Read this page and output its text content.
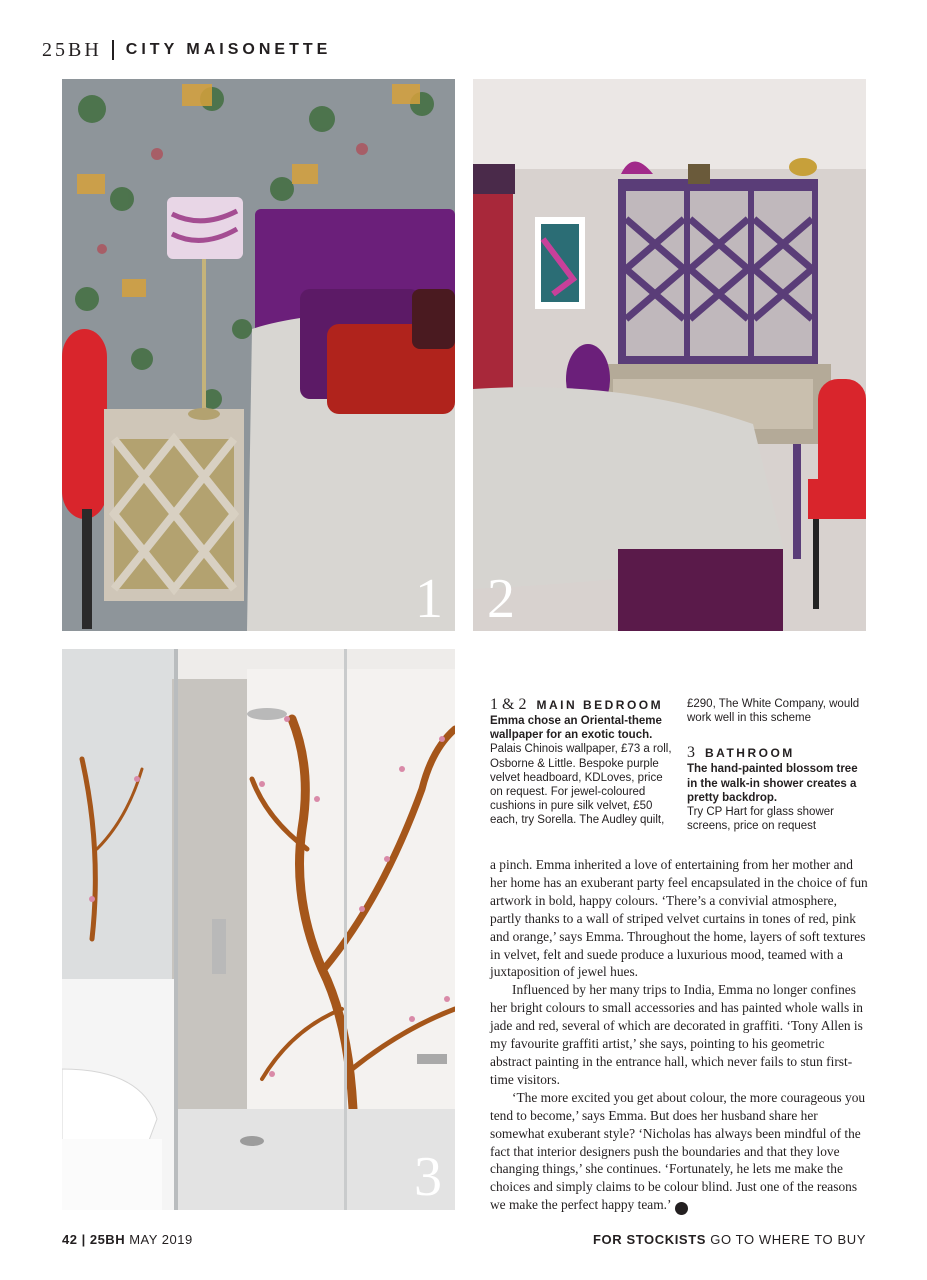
25BH CITY MAISONETTE
1 2
3
1 & 2 MAIN BEDROOM
Emma chose an Oriental-theme wallpaper for an exotic touch.
Palais Chinois wallpaper, £73 a roll, Osborne & Little. Bespoke purple velvet headboard, KDLoves, price on request. For jewel-coloured cushions in pure silk velvet, £50 each, try Sorella. The Audley quilt,
£290, The White Company, would work well in this scheme
3 BATHROOM
The hand-painted blossom tree in the walk-in shower creates a pretty backdrop.
Try CP Hart for glass shower screens, price on request

a pinch. Emma inherited a love of entertaining from her mother and her home has an exuberant party feel encapsulated in the choice of fun artwork in bold, happy colours. ‘There’s a convivial atmosphere, partly thanks to a wall of striped velvet curtains in tones of red, pink and orange,’ says Emma. Throughout the home, layers of soft textures in velvet, felt and suede produce a luxurious mood, teamed with a juxtaposition of jewel hues.

Influenced by her many trips to India, Emma no longer confines her bright colours to small accessories and has painted whole walls in jade and red, several of which are decorated in graffiti. ‘Tony Allen is my favourite graffiti artist,’ she says, pointing to his geometric abstract painting in the entrance hall, which never fails to stun first-time visitors.

‘The more excited you get about colour, the more courageous you tend to become,’ says Emma. But does her husband share her somewhat exuberant style? ‘Nicholas has always been mindful of the fact that interior designers push the boundaries and that they love changing things,’ she continues. ‘Fortunately, he lets me make the choices and simply claims to be colour blind. Just one of the reasons we make the perfect happy team.’	25

42 | 25BH MAY 2019	FOR STOCKISTS GO TO WHERE TO BUY
